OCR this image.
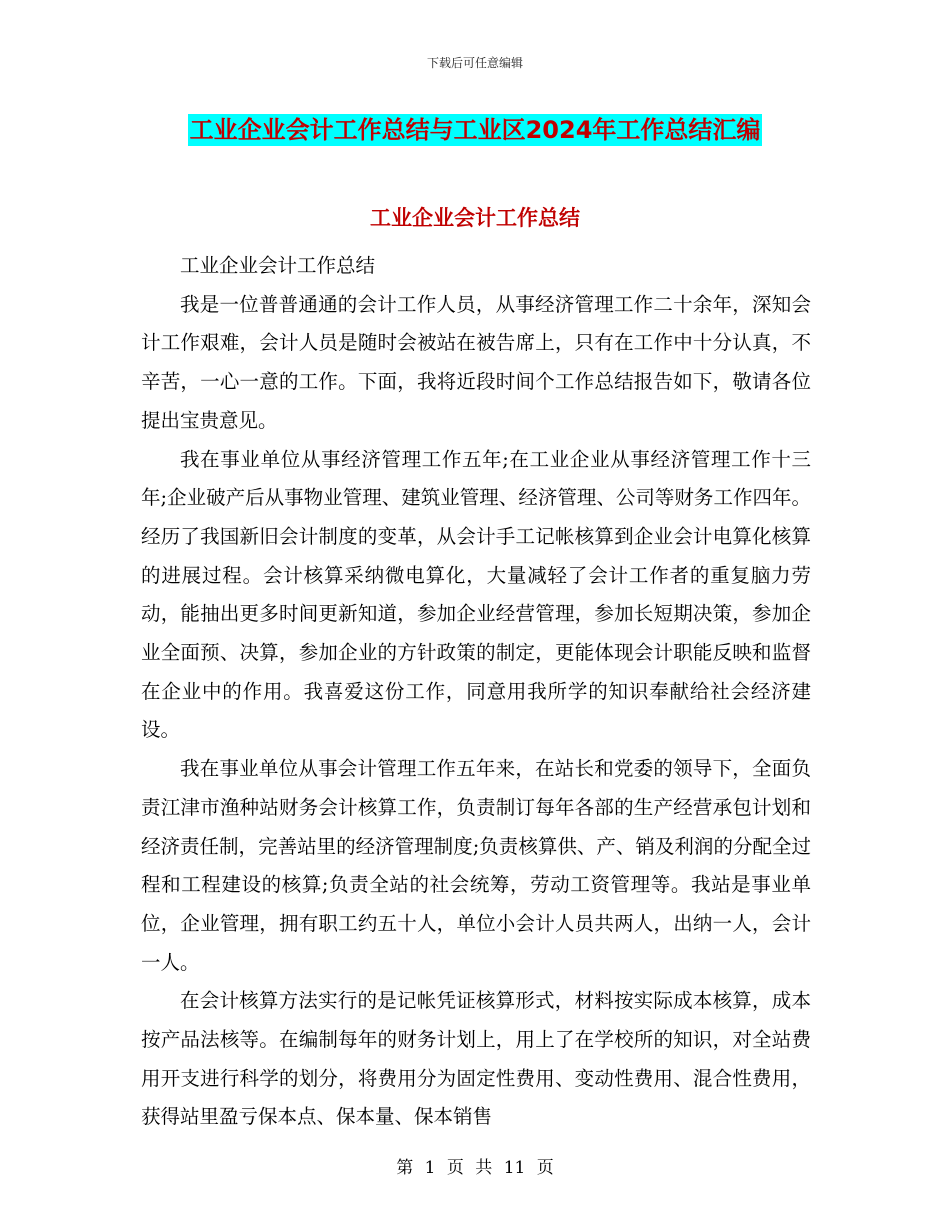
下载后可任意编辑
工业企业会计工作总结与工业区2024年工作总结汇编
工业企业会计工作总结

工业企业会计工作总结

我是一位普普通通的会计工作人员，从事经济管理工作二十余年，深知会计工作艰难，会计人员是随时会被站在被告席上，只有在工作中十分认真，不辛苦，一心一意的工作。下面，我将近段时间个工作总结报告如下，敬请各位提出宝贵意见。

我在事业单位从事经济管理工作五年;在工业企业从事经济管理工作十三年;企业破产后从事物业管理、建筑业管理、经济管理、公司等财务工作四年。经历了我国新旧会计制度的变革，从会计手工记帐核算到企业会计电算化核算的进展过程。会计核算采纳微电算化，大量减轻了会计工作者的重复脑力劳动，能抽出更多时间更新知道，参加企业经营管理，参加长短期决策，参加企业全面预、决算，参加企业的方针政策的制定，更能体现会计职能反映和监督在企业中的作用。我喜爱这份工作，同意用我所学的知识奉献给社会经济建设。

我在事业单位从事会计管理工作五年来，在站长和党委的领导下，全面负责江津市渔种站财务会计核算工作，负责制订每年各部的生产经营承包计划和经济责任制，完善站里的经济管理制度;负责核算供、产、销及利润的分配全过程和工程建设的核算;负责全站的社会统筹，劳动工资管理等。我站是事业单位，企业管理，拥有职工约五十人，单位小会计人员共两人，出纳一人，会计一人。

在会计核算方法实行的是记帐凭证核算形式，材料按实际成本核算，成本按产品法核等。在编制每年的财务计划上，用上了在学校所的知识，对全站费用开支进行科学的划分，将费用分为固定性费用、变动性费用、混合性费用，获得站里盈亏保本点、保本量、保本销售

第 1 页 共 11 页
